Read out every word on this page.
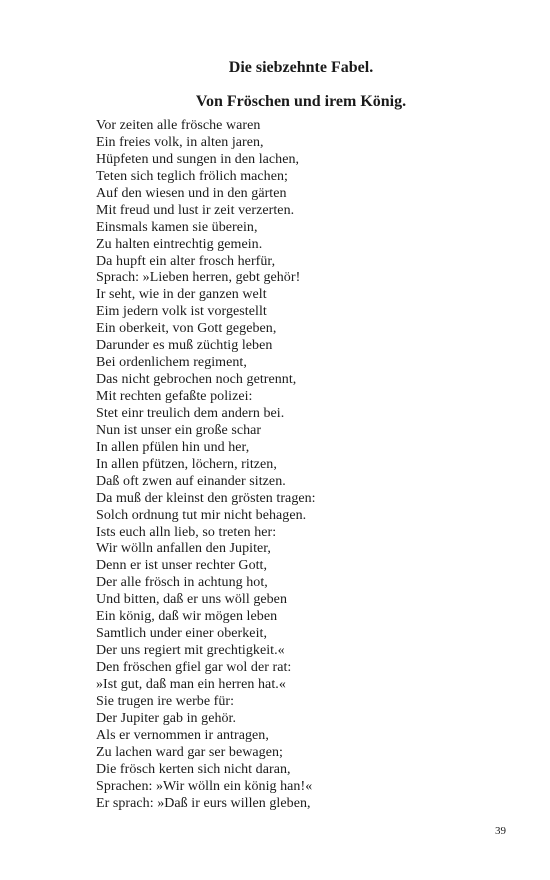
Die siebzehnte Fabel.
Von Fröschen und irem König.
Vor zeiten alle frösche waren
Ein freies volk, in alten jaren,
Hüpfeten und sungen in den lachen,
Teten sich teglich frölich machen;
Auf den wiesen und in den gärten
Mit freud und lust ir zeit verzerten.
Einsmals kamen sie überein,
Zu halten eintrechtig gemein.
Da hupft ein alter frosch herfür,
Sprach: »Lieben herren, gebt gehör!
Ir seht, wie in der ganzen welt
Eim jedern volk ist vorgestellt
Ein oberkeit, von Gott gegeben,
Darunder es muß züchtig leben
Bei ordenlichem regiment,
Das nicht gebrochen noch getrennt,
Mit rechten gefaßte polizei:
Stet einr treulich dem andern bei.
Nun ist unser ein große schar
In allen pfülen hin und her,
In allen pfützen, löchern, ritzen,
Daß oft zwen auf einander sitzen.
Da muß der kleinst den grösten tragen:
Solch ordnung tut mir nicht behagen.
Ists euch alln lieb, so treten her:
Wir wölln anfallen den Jupiter,
Denn er ist unser rechter Gott,
Der alle frösch in achtung hot,
Und bitten, daß er uns wöll geben
Ein könig, daß wir mögen leben
Samtlich under einer oberkeit,
Der uns regiert mit grechtigkeit.«
Den fröschen gfiel gar wol der rat:
»Ist gut, daß man ein herren hat.«
Sie trugen ire werbe für:
Der Jupiter gab in gehör.
Als er vernommen ir antragen,
Zu lachen ward gar ser bewagen;
Die frösch kerten sich nicht daran,
Sprachen: »Wir wölln ein könig han!«
Er sprach: »Daß ir eurs willen gleben,
39
